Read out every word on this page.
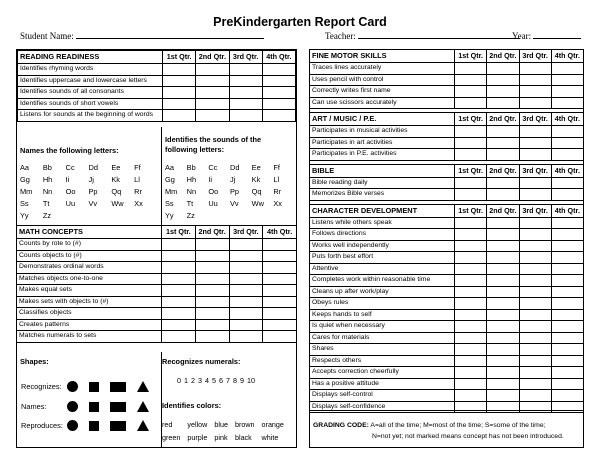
PreKindergarten Report Card
Student Name:	Teacher:	Year:
READING READINESS	1st Qtr.	2nd Qtr.	3rd Qtr.	4th Qtr.
Identifies rhyming words				
Identifies uppercase and lowercase letters				
Identifies sounds of all consonants				
Identifies sounds of short vowels				
Listens for sounds at the beginning of words				
Names the following letters:
Aa	Bb	Cc	Dd	Ee	Ff
Gg	Hh	Ii	Jj	Kk	Ll
Mm	Nn	Oo	Pp	Qq	Rr
Ss	Tt	Uu	Vv	Ww	Xx
Yy	Zz
Identifies the sounds of the
following letters:
Aa	Bb	Cc	Dd	Ee	Ff
Gg	Hh	Ii	Jj	Kk	Ll
Mm	Nn	Oo	Pp	Qq	Rr
Ss	Tt	Uu	Vv	Ww	Xx
Yy	Zz
MATH CONCEPTS	1st Qtr.	2nd Qtr.	3rd Qtr.	4th Qtr.
Counts by rote to (#)				
Counts objects to (#)				
Demonstrates ordinal words				
Matches objects one-to-one				
Makes equal sets				
Makes sets with objects to (#)				
Classifies objects				
Creates patterns				
Matches numerals to sets				
Shapes:
Recognizes:
Names:
Reproduces:
Recognizes numerals:
0 1 2 3 4 5 6 7 8 9 10
Identifies colors:
red	yellow blue brown orange
green purple pink black	white
FINE MOTOR SKILLS	1st Qtr.	2nd Qtr.	3rd Qtr.	4th Qtr.
Traces lines accurately				
Uses pencil with control				
Correctly writes first name				
Can use scissors accurately				

ART / MUSIC / P.E.	1st Qtr.	2nd Qtr.	3rd Qtr.	4th Qtr.
Participates in musical activities				
Participates in art activities				
Participates in P.E. activities				

BIBLE	1st Qtr.	2nd Qtr.	3rd Qtr.	4th Qtr.
Bible reading daily				
Memorizes Bible verses				

CHARACTER DEVELOPMENT	1st Qtr.	2nd Qtr.	3rd Qtr.	4th Qtr.
Listens while others speak				
Follows directions				
Works well independently				
Puts forth best effort				
Attentive				
Completes work within reasonable time				
Cleans up after work/play				
Obeys rules				
Keeps hands to self				
Is quiet when necessary				
Cares for materials				
Shares				
Respects others				
Accepts correction cheerfully				
Has a positive attitude				
Displays self-control				
Displays self-confidence				
GRADING CODE: A=all of the time; M=most of the time; S=some of the time;
N=not yet; not marked means concept has not been introduced.
